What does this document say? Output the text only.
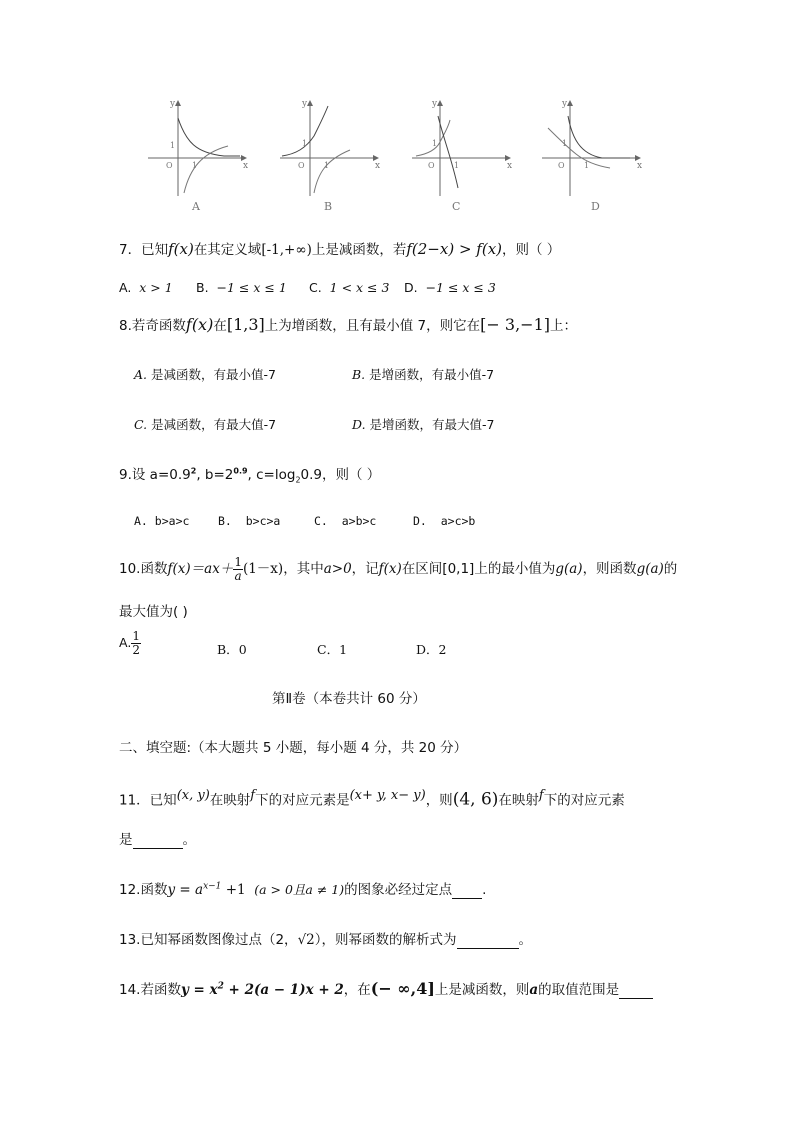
y
x
O
1
1
A
y
x
O
1
1
B
y
x
O
1
1
C
y
x
O
1
1
D
7．已知f(x)在其定义域[-1,+∞)上是减函数，若f(2−x) > f(x)，则（ ）
A. x > 1 B. −1 ≤ x ≤ 1 C. 1 < x ≤ 3 D. −1 ≤ x ≤ 3
8.若奇函数f(x)在[1,3]上为增函数，且有最小值 7，则它在[− 3,−1]上：
A. 是减函数，有最小值-7	B. 是增函数，有最小值-7
C. 是减函数，有最大值-7	D. 是增函数，有最大值-7
9.设 $a=0.9^2$, $b=2^{0.9}$, $c=\log_20.9$，则（ ）
A. b>a>c B. b>c>a	C. a>b>c	D. a>c>b
10.函数$f(x)=ax+ \frac{1}{a} (1-x)$，其中a>0，记f(x)在区间[0,1]上的最小值为g(a)，则函数g(a)的
最大值为( )
A. $\frac{1}{2}$	B．0	C．1	D．2
第Ⅱ卷（本卷共计 60 分）
二、填空题:（本大题共 5 小题，每小题 4 分，共 20 分）
11．已知$^{(x, y)}$在映射$^f$下的对应元素是$^{(x+ y, x- y)}$，则(4, 6)在映射$^f$下的对应元素
是	。
12.函数$y = a^{x-1} +1$ (a > 0且a ≠ 1)的图象必经过定点 .
13.已知幂函数图像过点（2，√2），则幂函数的解析式为	。
14.若函数$y = x^2 + 2(a - 1)x + 2$，在(− ∞,4]上是减函数，则a的取值范围是
